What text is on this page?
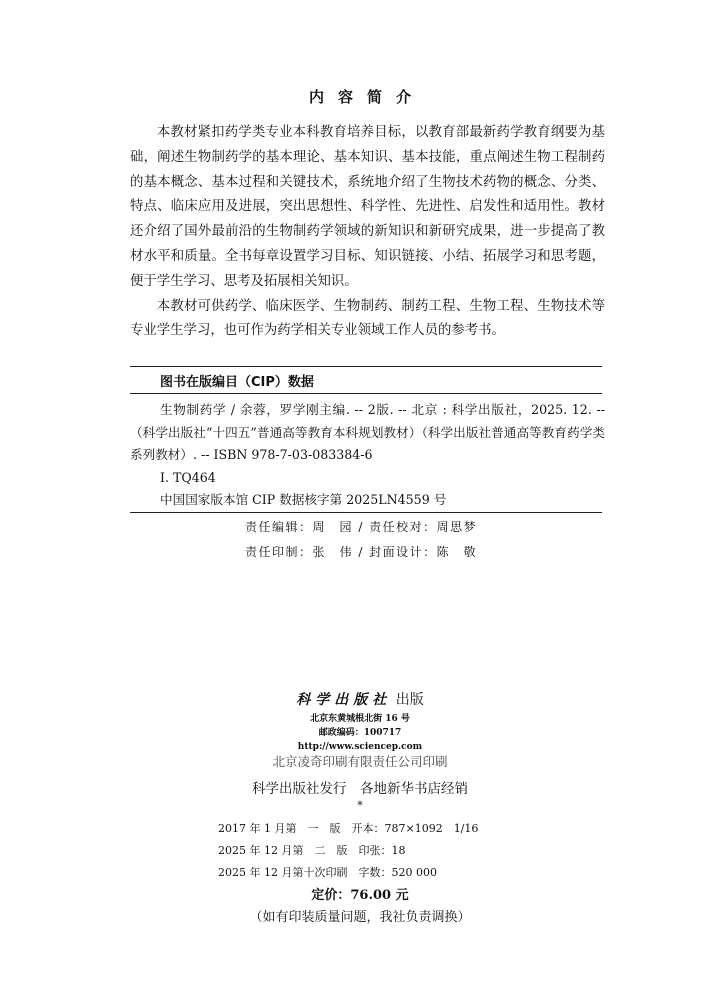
内容简介

本教材紧扣药学类专业本科教育培养目标，以教育部最新药学教育纲要为基础，阐述生物制药学的基本理论、基本知识、基本技能，重点阐述生物工程制药的基本概念、基本过程和关键技术，系统地介绍了生物技术药物的概念、分类、特点、临床应用及进展，突出思想性、科学性、先进性、启发性和适用性。教材还介绍了国外最前沿的生物制药学领域的新知识和新研究成果，进一步提高了教材水平和质量。全书每章设置学习目标、知识链接、小结、拓展学习和思考题，便于学生学习、思考及拓展相关知识。

本教材可供药学、临床医学、生物制药、制药工程、生物工程、生物技术等专业学生学习，也可作为药学相关专业领域工作人员的参考书。

图书在版编目（CIP）数据
生物制药学 / 余蓉，罗学刚主编. -- 2版. -- 北京 : 科学出版社，2025. 12. -- （科学出版社“十四五”普通高等教育本科规划教材）（科学出版社普通高等教育药学类系列教材）. -- ISBN 978-7-03-083384-6
Ⅰ. TQ464
中国国家版本馆 CIP 数据核字第 2025LN4559 号
责任编辑：周　园 / 责任校对：周思梦
责任印制：张　伟 / 封面设计：陈　敬
科学出版社 出版
北京东黄城根北街 16 号
邮政编码：100717
http://www.sciencep.com
北京凌奇印刷有限责任公司印刷
科学出版社发行　各地新华书店经销
*
2017 年 1 月第　一　版　开本：787×1092　1/16
2025 年 12 月第　二　版　印张：18
2025 年 12 月第十次印刷　字数：520 000
定价：76.00 元
（如有印装质量问题，我社负责调换）
